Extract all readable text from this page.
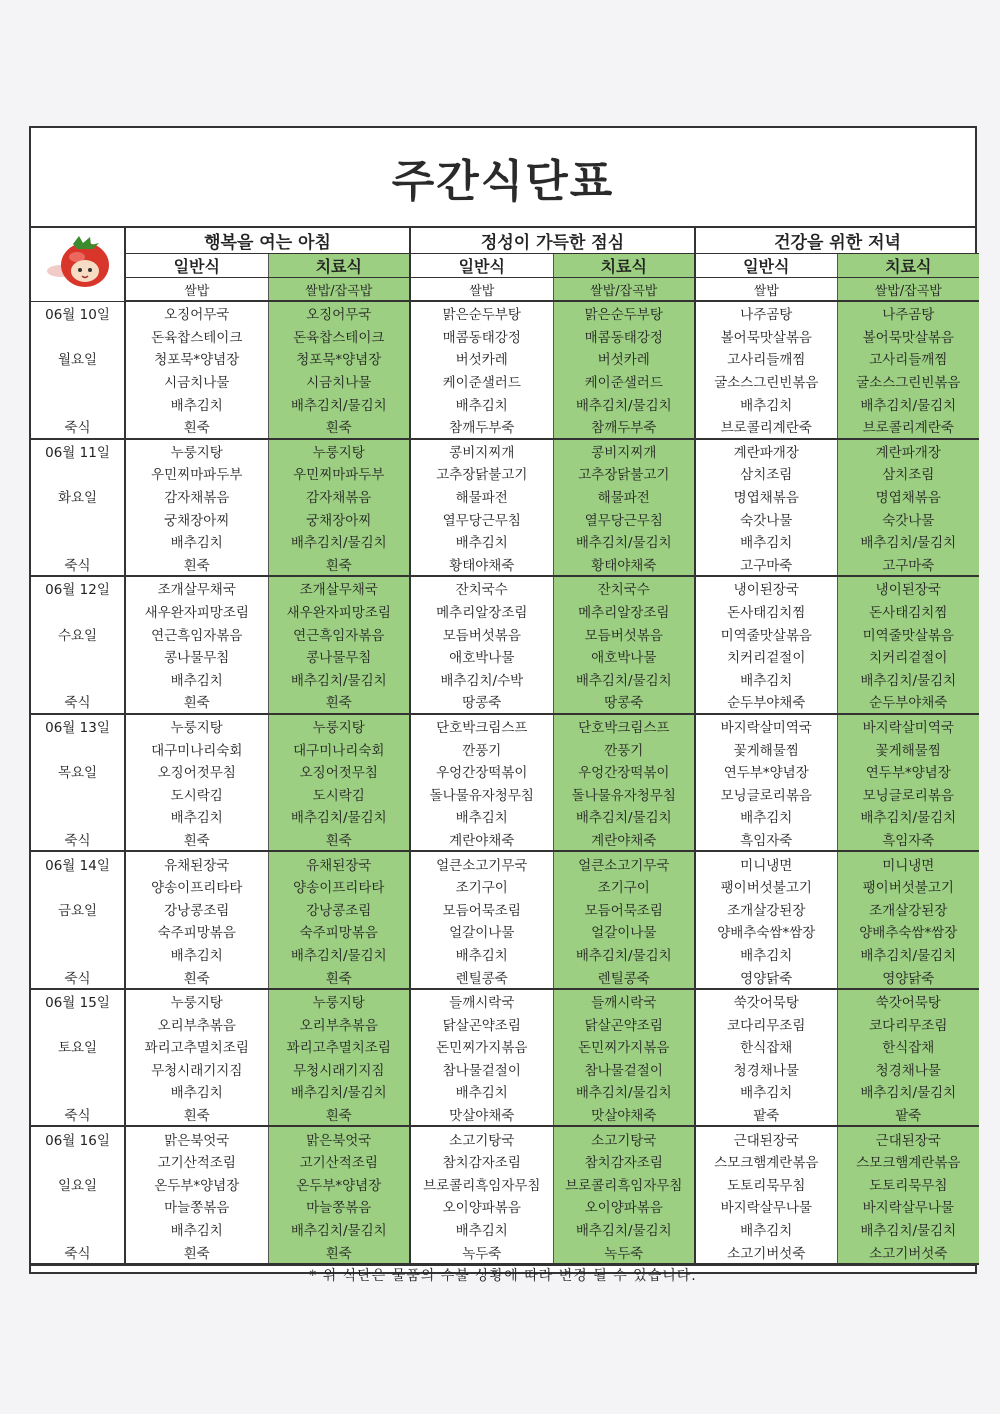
주간식단표
	행복을 여는 아침		정성이 가득한 점심		건강을 위한 저녁	
	일반식	치료식	일반식	치료식	일반식	치료식
	쌀밥	쌀밥/잡곡밥	쌀밥	쌀밥/잡곡밥	쌀밥	쌀밥/잡곡밥
06월 10일	오징어무국	오징어무국	맑은순두부탕	맑은순두부탕	나주곰탕	나주곰탕
	돈육찹스테이크	돈육찹스테이크	매콤동태강정	매콤동태강정	볼어묵맛살볶음	볼어묵맛살볶음
월요일	청포묵*양념장	청포묵*양념장	버섯카레	버섯카레	고사리들깨찜	고사리들깨찜
	시금치나물	시금치나물	케이준샐러드	케이준샐러드	굴소스그린빈볶음	굴소스그린빈볶음
	배추김치	배추김치/물김치	배추김치	배추김치/물김치	배추김치	배추김치/물김치
죽식	흰죽	흰죽	참깨두부죽	참깨두부죽	브로콜리계란죽	브로콜리계란죽
06월 11일	누룽지탕	누룽지탕	콩비지찌개	콩비지찌개	계란파개장	계란파개장
	우민찌마파두부	우민찌마파두부	고추장닭불고기	고추장닭불고기	삼치조림	삼치조림
화요일	감자채볶음	감자채볶음	해물파전	해물파전	명엽채볶음	명엽채볶음
	궁채장아찌	궁채장아찌	열무당근무침	열무당근무침	숙갓나물	숙갓나물
	배추김치	배추김치/물김치	배추김치	배추김치/물김치	배추김치	배추김치/물김치
죽식	흰죽	흰죽	황태야채죽	황태야채죽	고구마죽	고구마죽
06월 12일	조개살무채국	조개살무채국	잔치국수	잔치국수	냉이된장국	냉이된장국
	새우완자피망조림	새우완자피망조림	메추리알장조림	메추리알장조림	돈사태김치찜	돈사태김치찜
수요일	연근흑임자볶음	연근흑임자볶음	모듬버섯볶음	모듬버섯볶음	미역줄맛살볶음	미역줄맛살볶음
	콩나물무침	콩나물무침	애호박나물	애호박나물	치커리겉절이	치커리겉절이
	배추김치	배추김치/물김치	배추김치/수박	배추김치/물김치	배추김치	배추김치/물김치
죽식	흰죽	흰죽	땅콩죽	땅콩죽	순두부야채죽	순두부야채죽
06월 13일	누룽지탕	누룽지탕	단호박크림스프	단호박크림스프	바지락살미역국	바지락살미역국
	대구미나리숙회	대구미나리숙회	깐풍기	깐풍기	꽃게해물찜	꽃게해물찜
목요일	오징어젓무침	오징어젓무침	우엉간장떡볶이	우엉간장떡볶이	연두부*양념장	연두부*양념장
	도시락김	도시락김	돌나물유자청무침	돌나물유자청무침	모닝글로리볶음	모닝글로리볶음
	배추김치	배추김치/물김치	배추김치	배추김치/물김치	배추김치	배추김치/물김치
죽식	흰죽	흰죽	계란야채죽	계란야채죽	흑임자죽	흑임자죽
06월 14일	유채된장국	유채된장국	얼큰소고기무국	얼큰소고기무국	미니냉면	미니냉면
	양송이프리타타	양송이프리타타	조기구이	조기구이	팽이버섯불고기	팽이버섯불고기
금요일	강낭콩조림	강낭콩조림	모듬어묵조림	모듬어묵조림	조개살강된장	조개살강된장
	숙주피망볶음	숙주피망볶음	얼갈이나물	얼갈이나물	양배추숙쌈*쌈장	양배추숙쌈*쌈장
	배추김치	배추김치/물김치	배추김치	배추김치/물김치	배추김치	배추김치/물김치
죽식	흰죽	흰죽	렌틸콩죽	렌틸콩죽	영양닭죽	영양닭죽
06월 15일	누룽지탕	누룽지탕	들깨시락국	들깨시락국	쑥갓어묵탕	쑥갓어묵탕
	오리부추볶음	오리부추볶음	닭살곤약조림	닭살곤약조림	코다리무조림	코다리무조림
토요일	꽈리고추멸치조림	꽈리고추멸치조림	돈민찌가지볶음	돈민찌가지볶음	한식잡채	한식잡채
	무청시래기지짐	무청시래기지짐	참나물겉절이	참나물겉절이	청경채나물	청경채나물
	배추김치	배추김치/물김치	배추김치	배추김치/물김치	배추김치	배추김치/물김치
죽식	흰죽	흰죽	맛살야채죽	맛살야채죽	팥죽	팥죽
06월 16일	맑은북엇국	맑은북엇국	소고기탕국	소고기탕국	근대된장국	근대된장국
	고기산적조림	고기산적조림	참치감자조림	참치감자조림	스모크햄계란볶음	스모크햄계란볶음
일요일	온두부*양념장	온두부*양념장	브로콜리흑임자무침	브로콜리흑임자무침	도토리묵무침	도토리묵무침
	마늘쫑볶음	마늘쫑볶음	오이양파볶음	오이양파볶음	바지락살무나물	바지락살무나물
	배추김치	배추김치/물김치	배추김치	배추김치/물김치	배추김치	배추김치/물김치
죽식	흰죽	흰죽	녹두죽	녹두죽	소고기버섯죽	소고기버섯죽
* 위 식단은 물품의 수불 상황에 따라 변경 될 수 있습니다.
